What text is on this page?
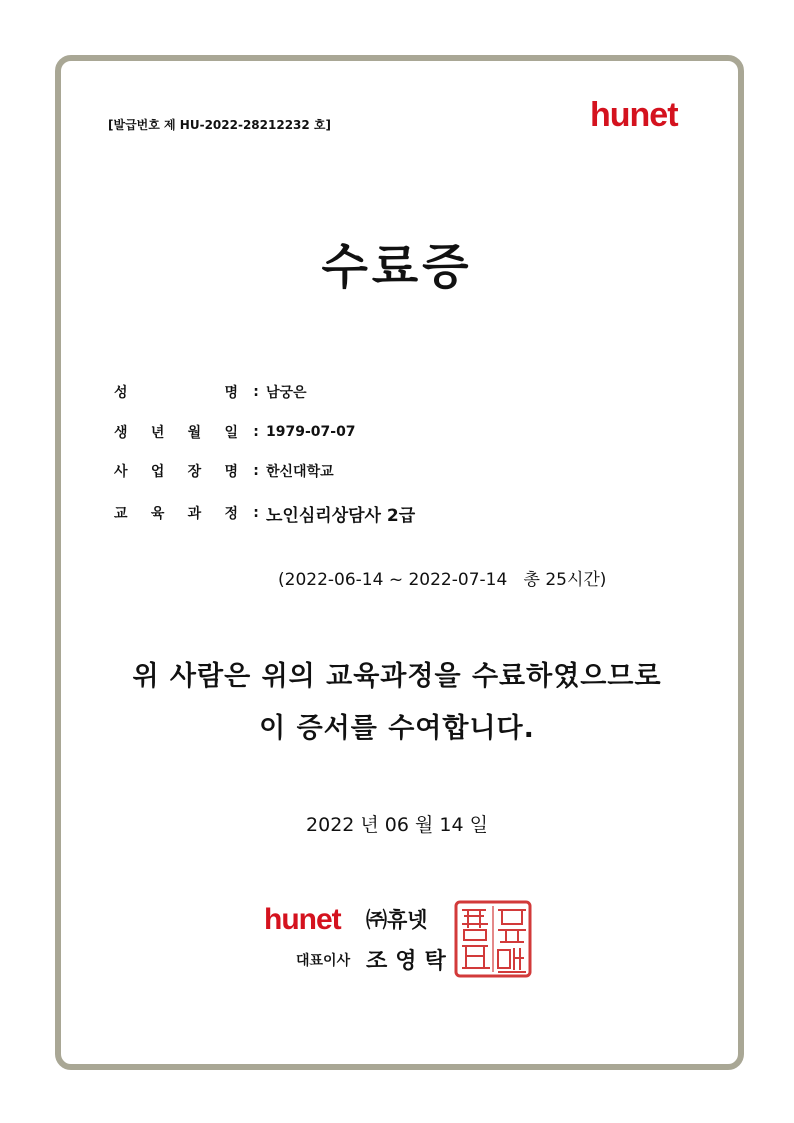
[발급번호 제 HU-2022-28212232 호]	hunet
수료증
성	명	: 남궁은
생 년 월 일	: 1979-07-07
사 업 장 명	: 한신대학교
교 육 과 정	: 노인심리상담사 2급
(2022-06-14 ~ 2022-07-14   총 25시간)
위 사람은 위의 교육과정을 수료하였으므로
이 증서를 수여합니다.
2022 년 06 월 14 일
hunet ㈜휴넷
대표이사 조영탁
